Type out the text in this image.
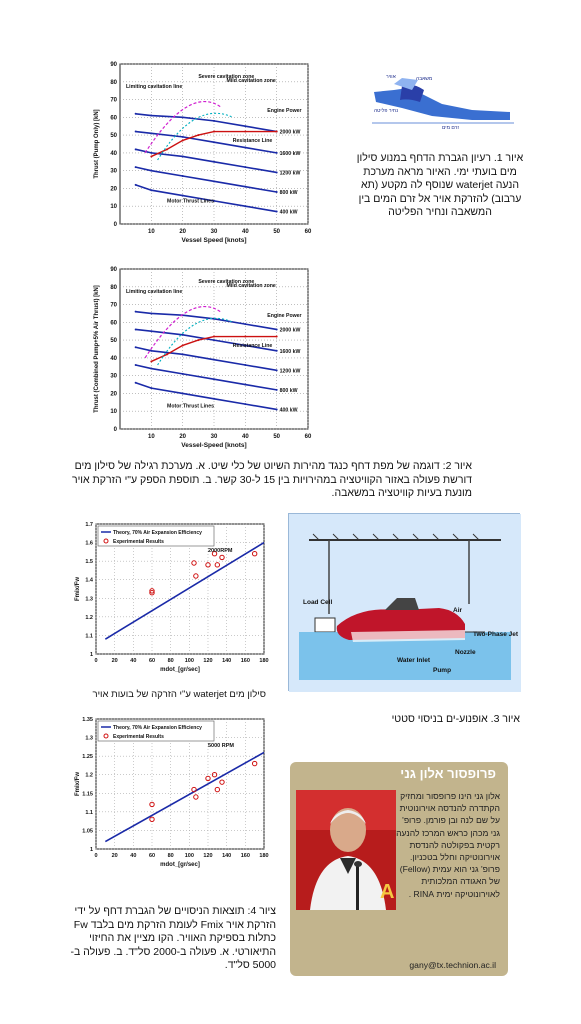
10	20	30	40	50	60
0
10
20
30
40
50
60
70
80
90
Vessel Speed [knots]
Thrust (Pump Only) [kN]	2000 kW
1600 kW
1200 kW
800 kW
400 kW
Limiting cavitation line
Severe cavitation zone
Mild cavitation zone
Engine Power
Resistance Line
Motor Thrust Lines
אוויר	משאבה
נחיר פליטה
זרם מים
איור 1. רעיון הגברת הדחף במנוע סילון מים בועתי ימי. האיור מראה מערכת הנעה waterjet שנוסף לה מקטע (תא ערבוב) להזרקת אויר אל זרם המים בין המשאבה ונחיר הפליטה
10	20	30	40	50	60
0
10
20
30
40
50
60
70
80
90
Vessel-Speed [knots]
Thrust (Combined Pump+5% Air Thrust) [kN]	2000 kW
1600 kW
1200 kW
800 kW
400 kW
Limiting cavitation line
Severe cavitation zone
Mild cavitation zone
Engine Power
Resistance Line
Motor Thrust Lines
איור 2: דוגמה של מפת דחף כנגד מהירות השיוט של כלי שיט. א. מערכת רגילה של סילון מים דורשת פעולה באזור הקוויטציה במהירויות בין 15 ל-30 קשר. ב. תוספת הספק ע"י הזרקת אויר מונעת בעיות קוויטציה במשאבה.
0	20 40 60 80 100 120 140 160 180
1
1.1
1.2
1.3
1.4
1.5
1.6
1.7
mdot_[gr/sec]
Fmix/Fw
2000RPM
Theory, 70% Air Expansion Efficiency
Experimental Results
Load Cell
Air
Two-Phase Jet
Water Inlet
Nozzle
Pump
סילון מים waterjet ע"י הזרקה של בועות אויר
איור 3. אופנוע-ים בניסוי סטטי
0	20 40 60 80 100 120 140 160 180
1
1.05
1.1
1.15
1.2
1.25
1.3
1.35
mdot_[gr/sec]
Fmix/Fw
5000 RPM
Theory, 70% Air Expansion Efficiency
Experimental Results
ציור 4: תוצאות הניסויים של הגברת דחף על ידי הזרקת אויר Fmix לעומת הזרקת מים בלבד Fw כתלות בספיקת האוויר. הקו מציין את החיזוי התיאורטי. א. פעולה ב-2000 סל"ד. ב. פעולה ב- 5000 סל"ד.
פרופסור אלון גני
אלון גני הינו פרופסור ומחזיק הקתדרה להנדסה אוירונוטית על שם לנה ובן פורמן. פרופ' גני מכהן כראש המרכז להנעה רקטית בפקולטה להנדסת אוירונוטיקה וחלל בטכניון. פרופ' גני הוא עמית (Fellow) של האגודה המלכותית לאוירונוטיקה ימית RINA .
A
gany@tx.technion.ac.il
